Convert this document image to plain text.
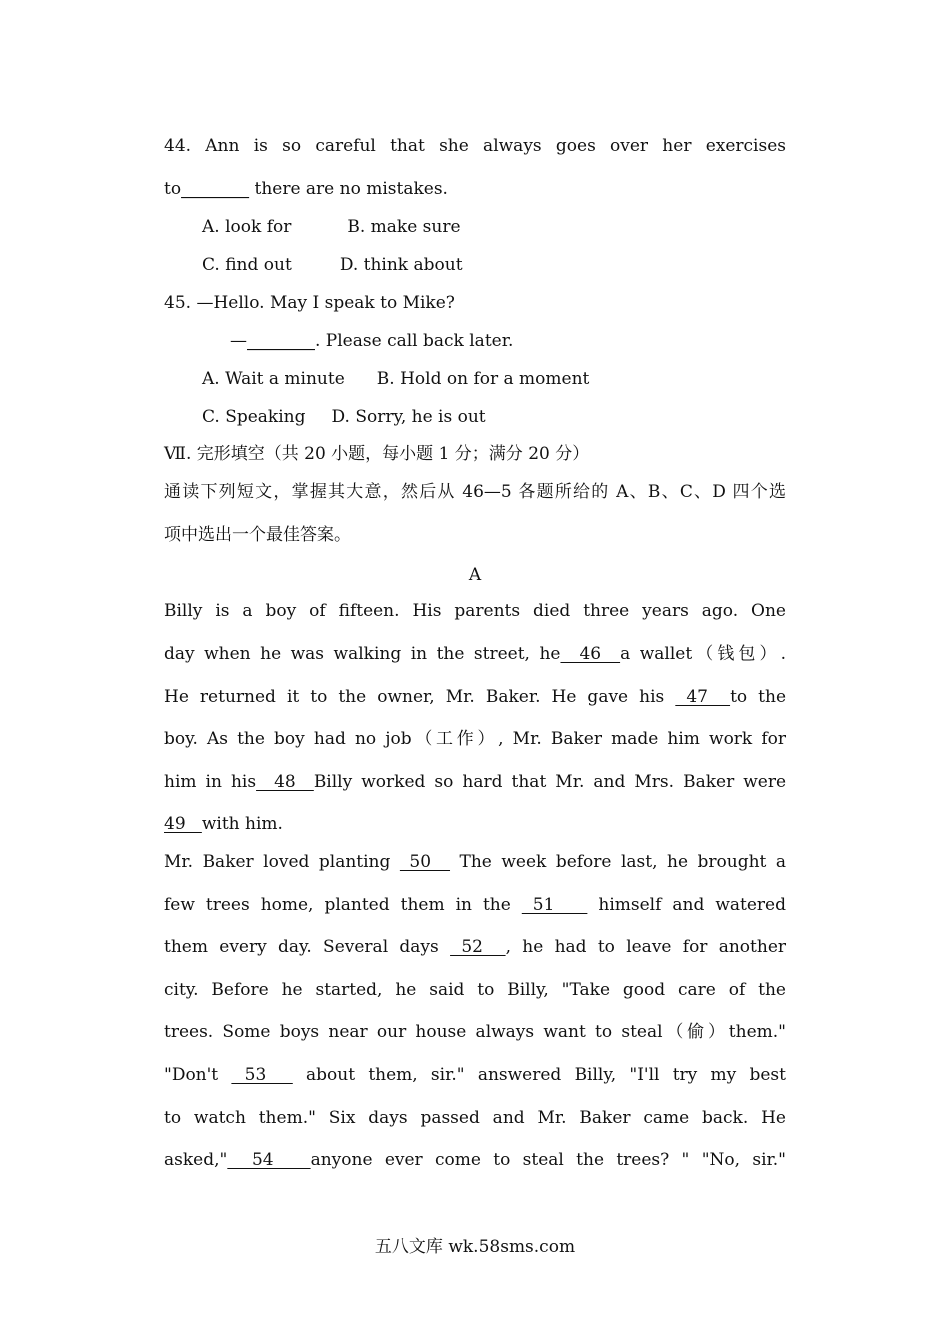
44. Ann is so careful that she always goes over her exercises
to________ there are no mistakes.
A. look for	B. make sure
C. find out	D. think about
45. —Hello. May I speak to Mike?
—________. Please call back later.
A. Wait a minute B. Hold on for a moment
C. Speaking D. Sorry, he is out
Ⅶ. 完形填空（共 20 小题，每小题 1 分；满分 20 分）
通读下列短文，掌握其大意，然后从 46—5 各题所给的 A、B、C、D 四个选
项中选出一个最佳答案。
A
Billy is a boy of fifteen. His parents died three years ago. One
day when he was walking in the street, he  46  a wallet（钱包）.
He returned it to the owner, Mr. Baker. He gave his  47  to the
boy. As the boy had no job（工作）, Mr. Baker made him work for
him in his  48  Billy worked so hard that Mr. and Mrs. Baker were
49   with him.
Mr. Baker loved planting  50   The week before last, he brought a
few trees home, planted them in the  51    himself and watered
them every day. Several days  52  , he had to leave for another
city. Before he started, he said to Billy, "Take good care of the
trees. Some boys near our house always want to steal（偷）them."
"Don't  53   about them, sir." answered Billy, "I'll try my best
to watch them." Six days passed and Mr. Baker came back. He
asked,"  54   anyone ever come to steal the trees? " "No, sir."
五八文库 wk.58sms.com
